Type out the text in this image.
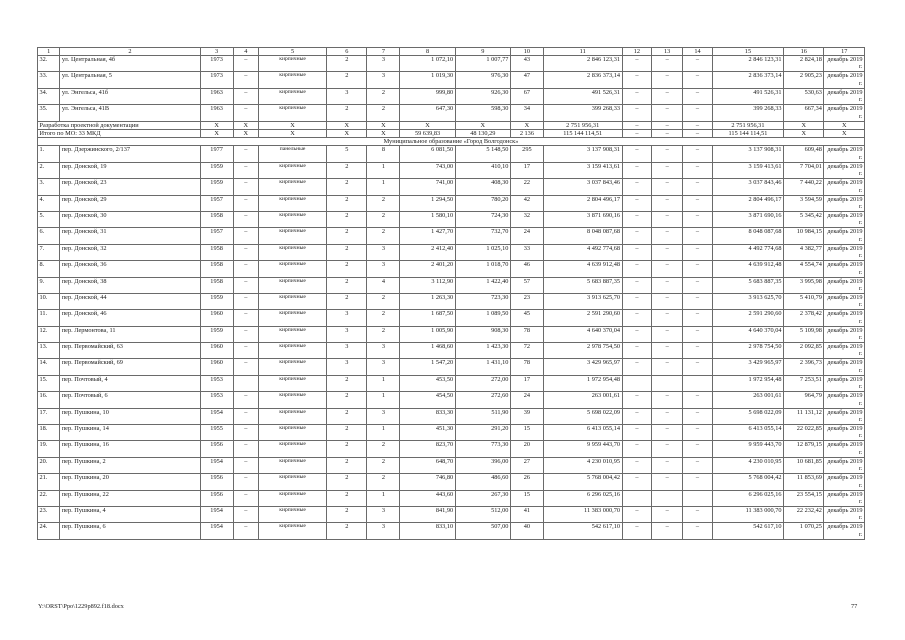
1	2	3	4	5	6	7	8	9	10	11	12	13	14	15	16	17
32.	ул. Центральная, 4б	1973	–	кирпичные	2	3	1 072,10	1 007,77	43	2 846 123,31	–	–	–	2 846 123,31	2 824,18	декабрь 2019 г.
33.	ул. Центральная, 5	1973	–	кирпичные	2	3	1 019,30	976,30	47	2 836 373,14	–	–	–	2 836 373,14	2 905,23	декабрь 2019 г.
34.	ул. Энгельса, 41б	1963	–	кирпичные	3	2	999,80	926,30	67	491 526,31	–	–	–	491 526,31	530,63	декабрь 2019 г.
35.	ул. Энгельса, 41В	1963	–	кирпичные	2	2	647,30	598,30	34	399 268,33	–	–	–	399 268,33	667,34	декабрь 2019 г.
Разработка проектной документации		X	X	X	X	X	X	X	X	2 751 956,31	–	–	–	2 751 956,31	X	X
Итого по МО: 33 МКД		X	X	X	X	X	59 639,83	48 130,29	2 136	115 144 114,51	–	–	–	115 144 114,51	X	X
Муниципальное образование «Город Волгодонск»																
1.	пер. Дзержинского, 2/137	1977	–	панельные	5	8	6 081,50	5 148,50	295	3 137 908,31	–	–	–	3 137 908,31	609,48	декабрь 2019 г.
2.	пер. Донской, 19	1959	–	кирпичные	2	1	743,00	410,10	17	3 159 413,61	–	–	–	3 159 413,61	7 704,01	декабрь 2019 г.
3.	пер. Донской, 23	1959	–	кирпичные	2	1	741,00	408,30	22	3 037 843,46	–	–	–	3 037 843,46	7 440,22	декабрь 2019 г.
4.	пер. Донской, 29	1957	–	кирпичные	2	2	1 294,50	780,20	42	2 804 496,17	–	–	–	2 804 496,17	3 594,59	декабрь 2019 г.
5.	пер. Донской, 30	1958	–	кирпичные	2	2	1 580,10	724,30	32	3 871 690,16	–	–	–	3 871 690,16	5 345,42	декабрь 2019 г.
6.	пер. Донской, 31	1957	–	кирпичные	2	2	1 427,70	732,70	24	8 048 087,68	–	–	–	8 048 087,68	10 984,15	декабрь 2019 г.
7.	пер. Донской, 32	1958	–	кирпичные	2	3	2 412,40	1 025,10	33	4 492 774,68	–	–	–	4 492 774,68	4 382,77	декабрь 2019 г.
8.	пер. Донской, 36	1958	–	кирпичные	2	3	2 401,20	1 018,70	46	4 639 912,48	–	–	–	4 639 912,48	4 554,74	декабрь 2019 г.
9.	пер. Донской, 38	1958	–	кирпичные	2	4	3 112,90	1 422,40	57	5 683 887,35	–	–	–	5 683 887,35	3 995,98	декабрь 2019 г.
10.	пер. Донской, 44	1959	–	кирпичные	2	2	1 263,30	723,30	23	3 913 625,70	–	–	–	3 913 625,70	5 410,79	декабрь 2019 г.
11.	пер. Донской, 46	1960	–	кирпичные	3	2	1 687,50	1 089,50	45	2 591 290,60	–	–	–	2 591 290,60	2 378,42	декабрь 2019 г.
12.	пер. Лермонтова, 11	1959	–	кирпичные	3	2	1 005,90	908,30	78	4 640 370,04	–	–	–	4 640 370,04	5 109,98	декабрь 2019 г.
13.	пер. Первомайский, 63	1960	–	кирпичные	3	3	1 468,60	1 423,30	72	2 978 754,50	–	–	–	2 978 754,50	2 092,85	декабрь 2019 г.
14.	пер. Первомайский, 69	1960	–	кирпичные	3	3	1 547,20	1 431,10	78	3 429 965,97	–	–	–	3 429 965,97	2 396,73	декабрь 2019 г.
15.	пер. Почтовый, 4	1953		кирпичные	2	1	453,50	272,00	17	1 972 954,48				1 972 954,48	7 253,51	декабрь 2019 г.
16.	пер. Почтовый, 6	1953	–	кирпичные	2	1	454,50	272,60	24	263 001,61	–	–	–	263 001,61	964,79	декабрь 2019 г.
17.	пер. Пушкина, 10	1954	–	кирпичные	2	3	833,30	511,90	39	5 698 022,09	–	–	–	5 698 022,09	11 131,12	декабрь 2019 г.
18.	пер. Пушкина, 14	1955	–	кирпичные	2	1	451,30	291,20	15	6 413 055,14	–	–	–	6 413 055,14	22 022,85	декабрь 2019 г.
19.	пер. Пушкина, 16	1956	–	кирпичные	2	2	823,70	773,30	20	9 959 443,70	–	–	–	9 959 443,70	12 879,15	декабрь 2019 г.
20.	пер. Пушкина, 2	1954	–	кирпичные	2	2	648,70	396,00	27	4 230 010,95	–	–	–	4 230 010,95	10 681,85	декабрь 2019 г.
21.	пер. Пушкина, 20	1956	–	кирпичные	2	2	746,80	486,60	26	5 768 004,42	–	–	–	5 768 004,42	11 853,69	декабрь 2019 г.
22.	пер. Пушкина, 22	1956	–	кирпичные	2	1	443,60	267,30	15	6 296 025,16				6 296 025,16	23 554,15	декабрь 2019 г.
23.	пер. Пушкина, 4	1954	–	кирпичные	2	3	841,90	512,00	41	11 383 000,70	–	–	–	11 383 000,70	22 232,42	декабрь 2019 г.
24.	пер. Пушкина, 6	1954	–	кирпичные	2	3	833,10	507,00	40	542 617,10	–	–	–	542 617,10	1 070,25	декабрь 2019 г.
Y:\ORST\Ppo\1229p892.f18.docx	77
